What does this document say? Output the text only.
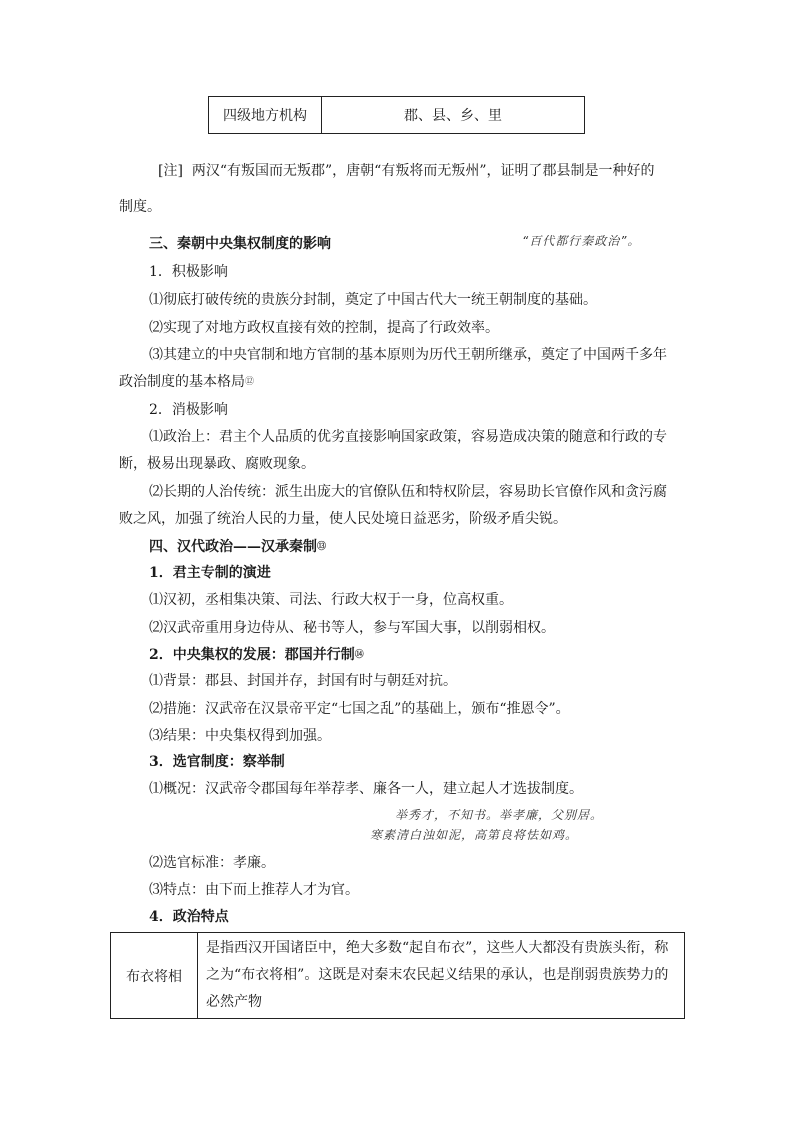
四级地方机构	郡、县、乡、里
[注] 两汉“有叛国而无叛郡”，唐朝“有叛将而无叛州”，证明了郡县制是一种好的
制度。
三、秦朝中央集权制度的影响	“百代都行秦政治”。
1．积极影响
⑴彻底打破传统的贵族分封制，奠定了中国古代大一统王朝制度的基础。
⑵实现了对地方政权直接有效的控制，提高了行政效率。
⑶其建立的中央官制和地方官制的基本原则为历代王朝所继承，奠定了中国两千多年
政治制度的基本格局⑫
2．消极影响
⑴政治上：君主个人品质的优劣直接影响国家政策，容易造成决策的随意和行政的专
断，极易出现暴政、腐败现象。
⑵长期的人治传统：派生出庞大的官僚队伍和特权阶层，容易助长官僚作风和贪污腐
败之风，加强了统治人民的力量，使人民处境日益恶劣，阶级矛盾尖锐。
四、汉代政治——汉承秦制⑬
1．君主专制的演进
⑴汉初，丞相集决策、司法、行政大权于一身，位高权重。
⑵汉武帝重用身边侍从、秘书等人，参与军国大事，以削弱相权。
2．中央集权的发展：郡国并行制⑭
⑴背景：郡县、封国并存，封国有时与朝廷对抗。
⑵措施：汉武帝在汉景帝平定“七国之乱”的基础上，颁布“推恩令”。
⑶结果：中央集权得到加强。
3．选官制度：察举制
⑴概况：汉武帝令郡国每年举荐孝、廉各一人，建立起人才选拔制度。
举秀才，不知书。举孝廉，父别居。
寒素清白浊如泥，高第良将怯如鸡。
⑵选官标准：孝廉。
⑶特点：由下而上推荐人才为官。
4．政治特点
布衣将相	是指西汉开国诸臣中，绝大多数“起自布衣”，这些人大都没有贵族头衔，称之为“布衣将相”。这既是对秦末农民起义结果的承认，也是削弱贵族势力的必然产物
